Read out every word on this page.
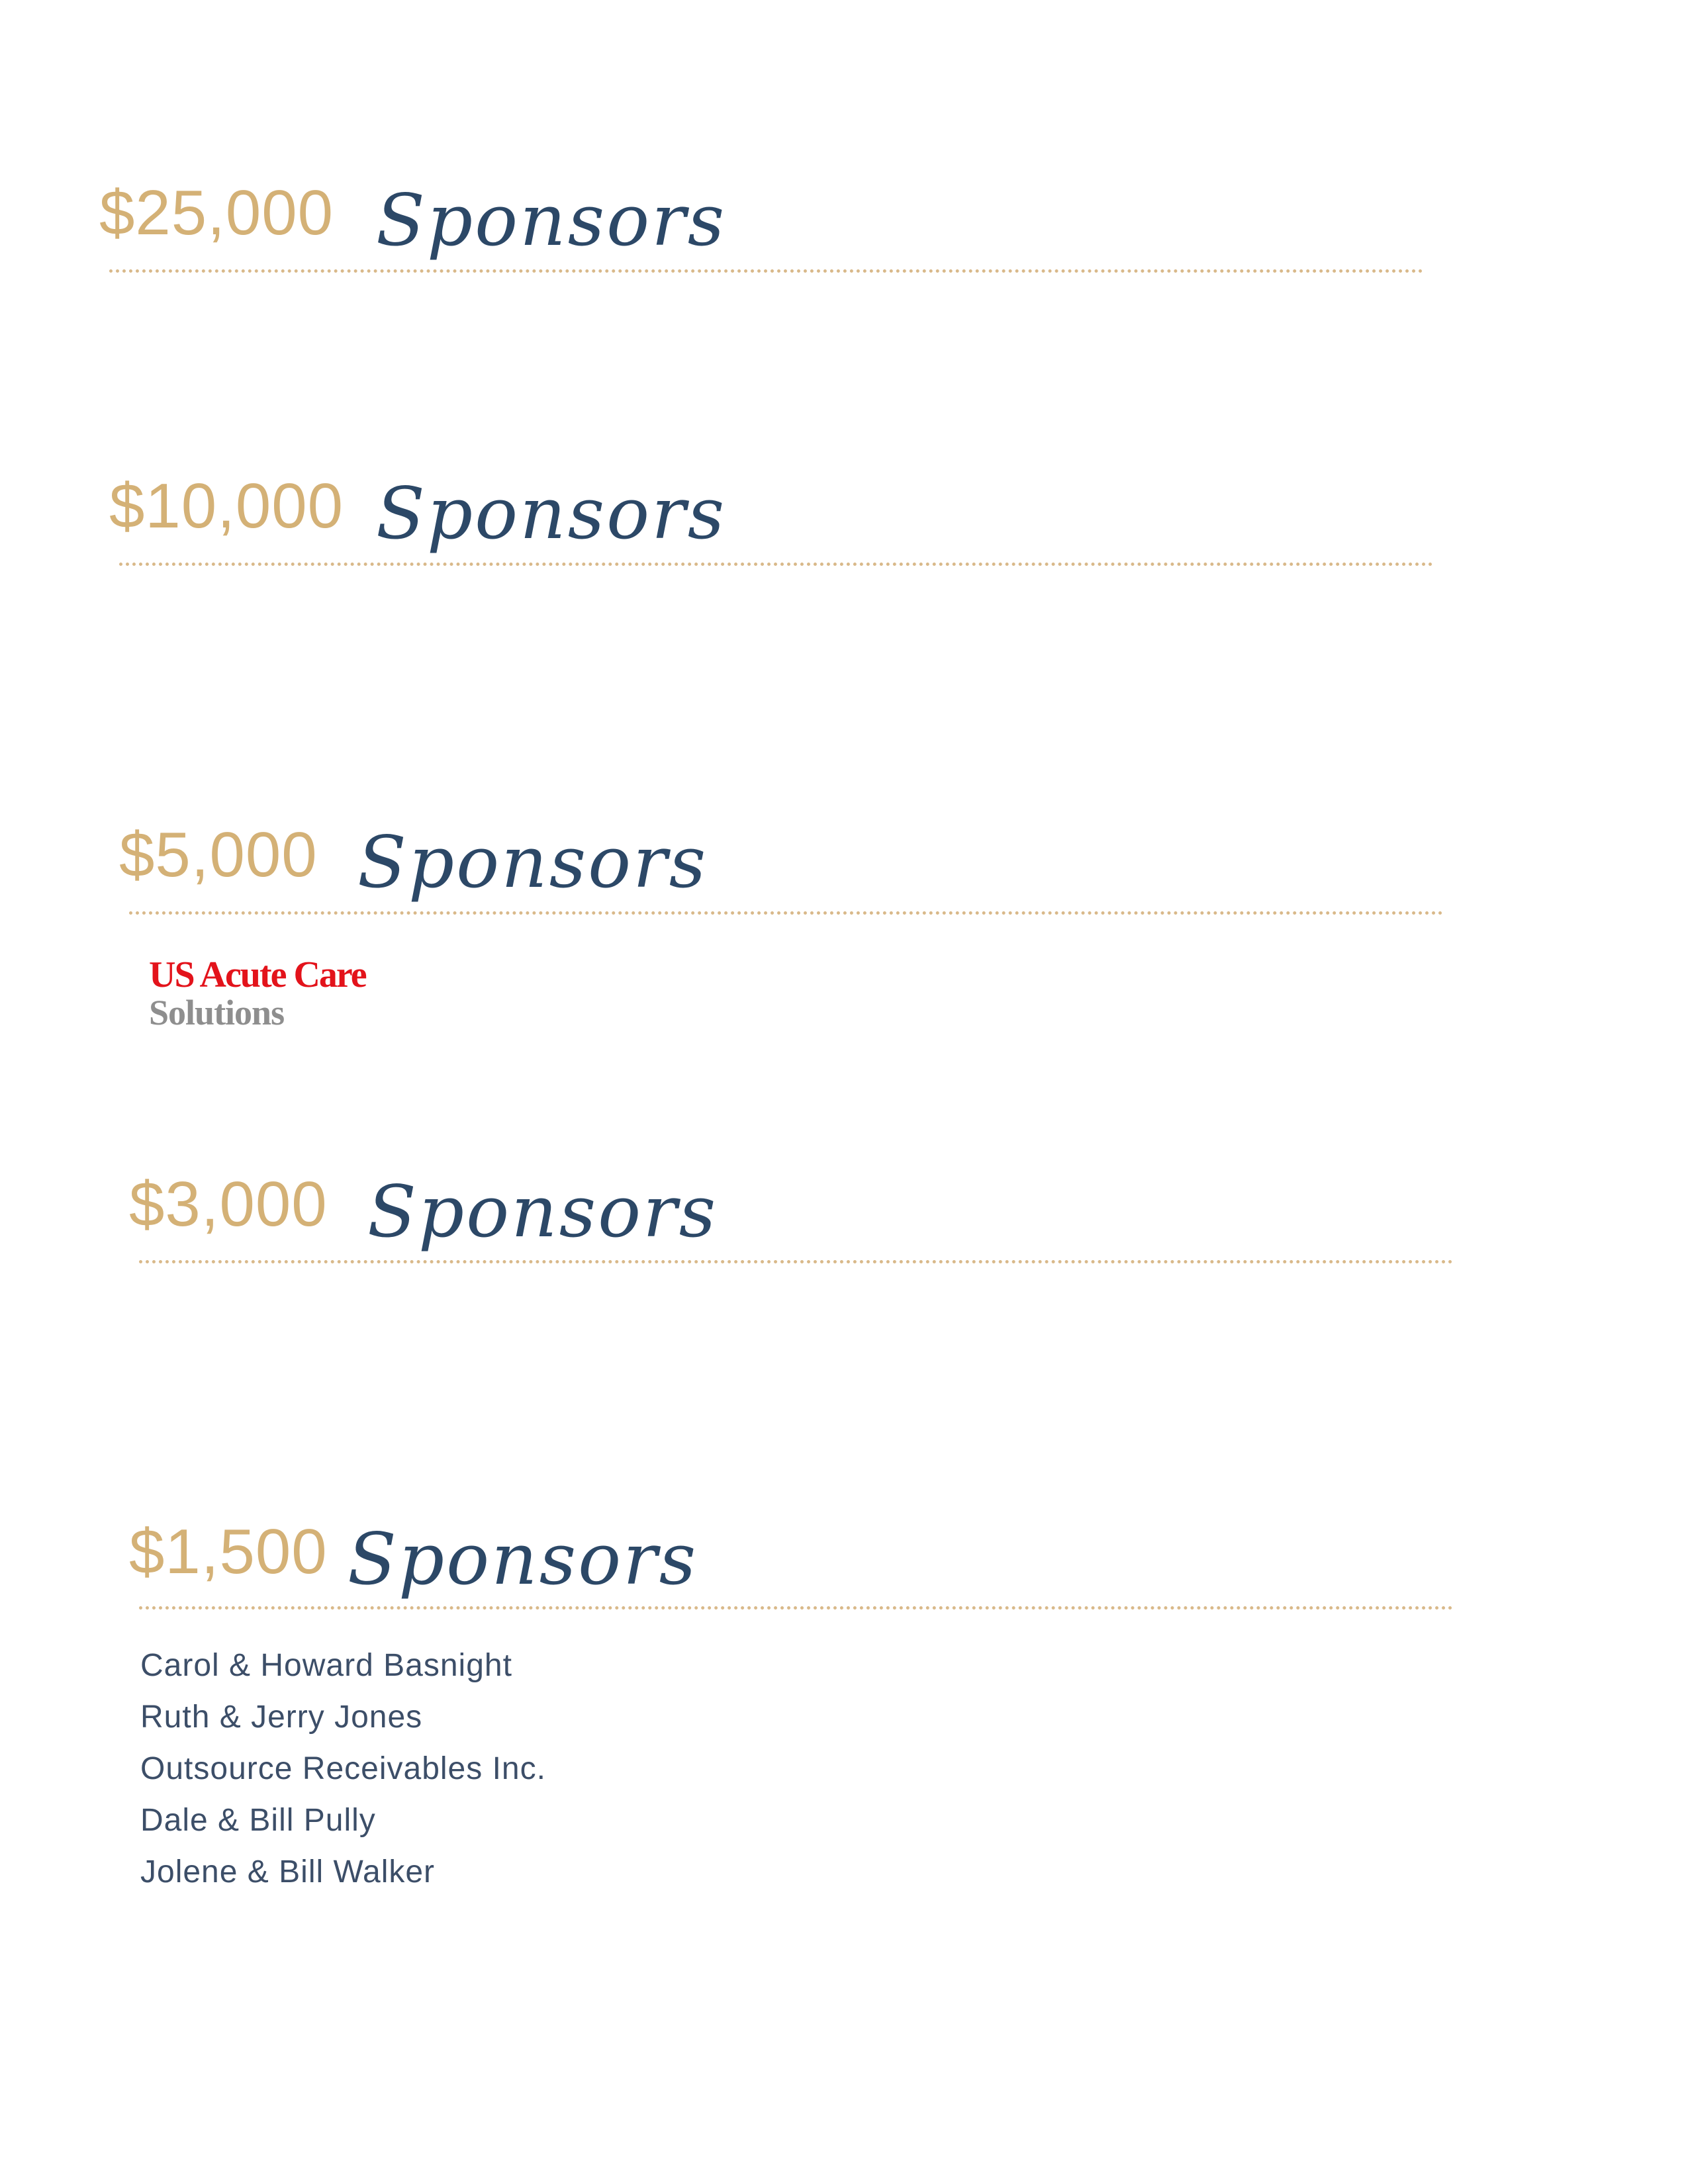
$25,000 Sponsors
$10,000 Sponsors
$5,000 Sponsors
US Acute Care
Solutions
$3,000 Sponsors
$1,500 Sponsors
Carol & Howard Basnight
Ruth & Jerry Jones
Outsource Receivables Inc.
Dale & Bill Pully
Jolene & Bill Walker
